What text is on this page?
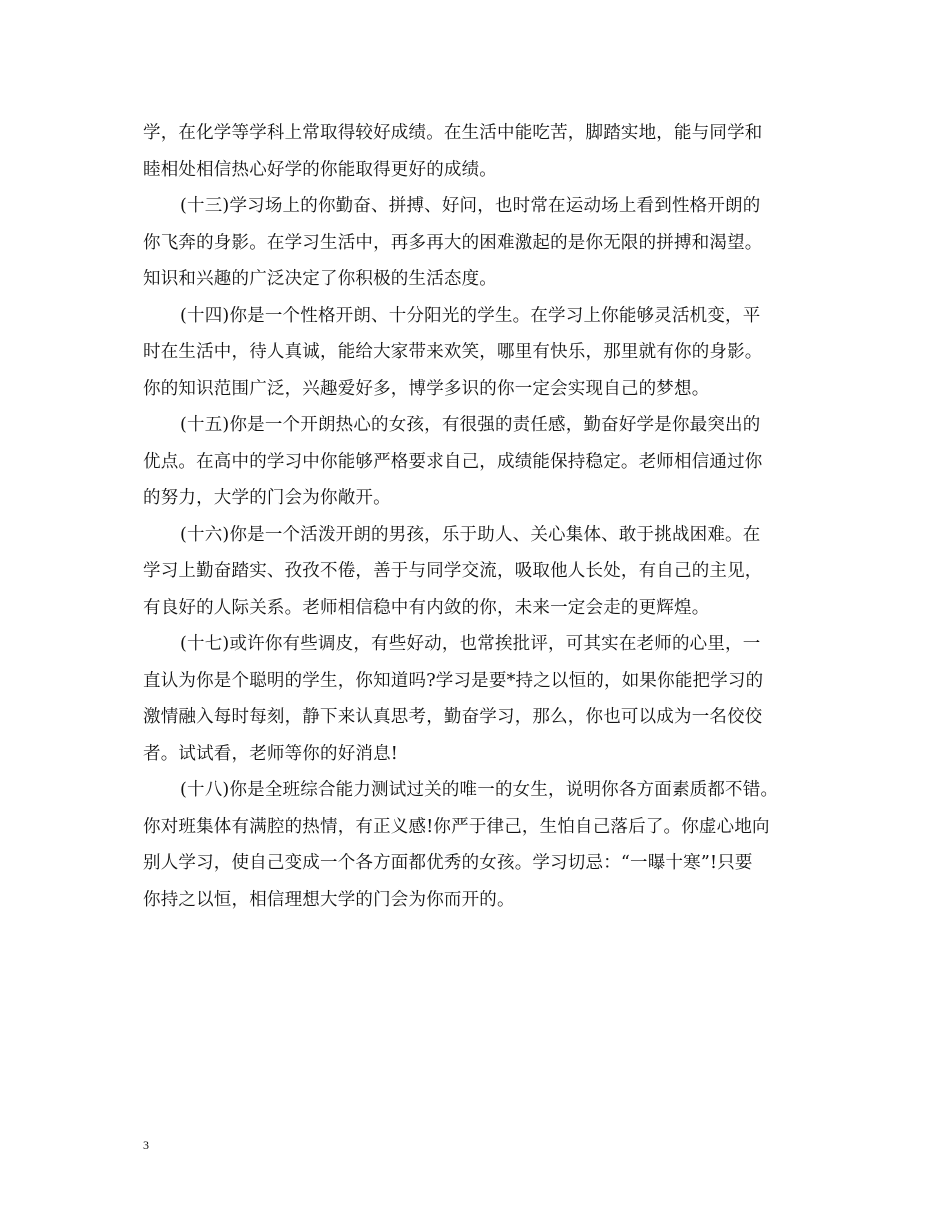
学，在化学等学科上常取得较好成绩。在生活中能吃苦，脚踏实地，能与同学和
睦相处相信热心好学的你能取得更好的成绩。
(十三)学习场上的你勤奋、拼搏、好问，也时常在运动场上看到性格开朗的
你飞奔的身影。在学习生活中，再多再大的困难激起的是你无限的拼搏和渴望。
知识和兴趣的广泛决定了你积极的生活态度。
(十四)你是一个性格开朗、十分阳光的学生。在学习上你能够灵活机变，平
时在生活中，待人真诚，能给大家带来欢笑，哪里有快乐，那里就有你的身影。
你的知识范围广泛，兴趣爱好多，博学多识的你一定会实现自己的梦想。
(十五)你是一个开朗热心的女孩，有很强的责任感，勤奋好学是你最突出的
优点。在高中的学习中你能够严格要求自己，成绩能保持稳定。老师相信通过你
的努力，大学的门会为你敞开。
(十六)你是一个活泼开朗的男孩，乐于助人、关心集体、敢于挑战困难。在
学习上勤奋踏实、孜孜不倦，善于与同学交流，吸取他人长处，有自己的主见，
有良好的人际关系。老师相信稳中有内敛的你，未来一定会走的更辉煌。
(十七)或许你有些调皮，有些好动，也常挨批评，可其实在老师的心里，一
直认为你是个聪明的学生，你知道吗?学习是要*持之以恒的，如果你能把学习的
激情融入每时每刻，静下来认真思考，勤奋学习，那么，你也可以成为一名佼佼
者。试试看，老师等你的好消息!
(十八)你是全班综合能力测试过关的唯一的女生，说明你各方面素质都不错。
你对班集体有满腔的热情，有正义感!你严于律己，生怕自己落后了。你虚心地向
别人学习，使自己变成一个各方面都优秀的女孩。学习切忌：“一曝十寒”!只要
你持之以恒，相信理想大学的门会为你而开的。
3
